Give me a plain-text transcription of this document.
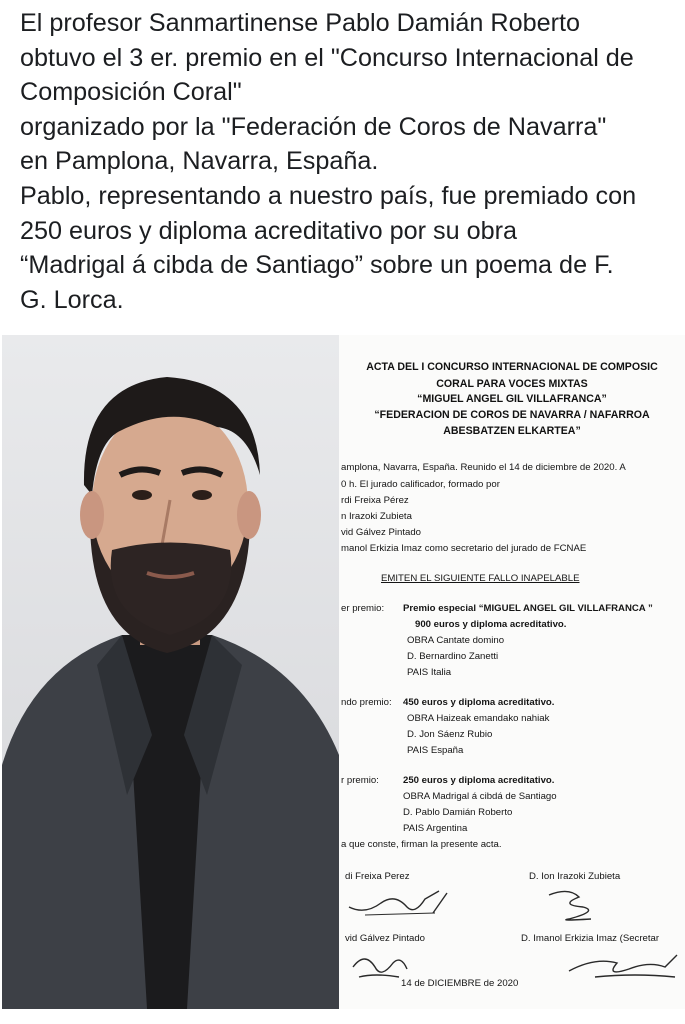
El profesor Sanmartinense Pablo Damián Roberto

obtuvo el 3 er. premio en el "Concurso Internacional de

Composición Coral"

organizado por la "Federación de Coros de Navarra"

en Pamplona, Navarra, España.

Pablo, representando a nuestro país, fue premiado con

250 euros y diploma acreditativo por su obra

“Madrigal á cibda de Santiago” sobre un poema de F.

G. Lorca.

ACTA DEL I CONCURSO INTERNACIONAL DE COMPOSIC
CORAL PARA VOCES MIXTAS
“MIGUEL ANGEL GIL VILLAFRANCA”
“FEDERACION DE COROS DE NAVARRA / NAFARROA
ABESBATZEN ELKARTEA”
amplona, Navarra, España. Reunido el 14 de diciembre de 2020. A
0 h. El jurado calificador, formado por
rdi Freixa Pérez
n Irazoki Zubieta
vid Gálvez Pintado
manol Erkizia Imaz como secretario del jurado de FCNAE
EMITEN EL SIGUIENTE FALLO INAPELABLE
er premio: Premio especial “MIGUEL ANGEL GIL VILLAFRANCA ”
900 euros y diploma acreditativo.
OBRA Cantate domino
D. Bernardino Zanetti
PAIS Italia
ndo premio: 450 euros y diploma acreditativo.
OBRA Haizeak emandako nahiak
D. Jon Sáenz Rubio
PAIS España
r premio:	250 euros y diploma acreditativo.
OBRA Madrigal á cibdá de Santiago
D. Pablo Damián Roberto
PAIS Argentina
a que conste, firman la presente acta.
di Freixa Perez	D. Ion Irazoki Zubieta
vid Gálvez Pintado	D. Imanol Erkizia Imaz (Secretar
14 de DICIEMBRE de 2020
